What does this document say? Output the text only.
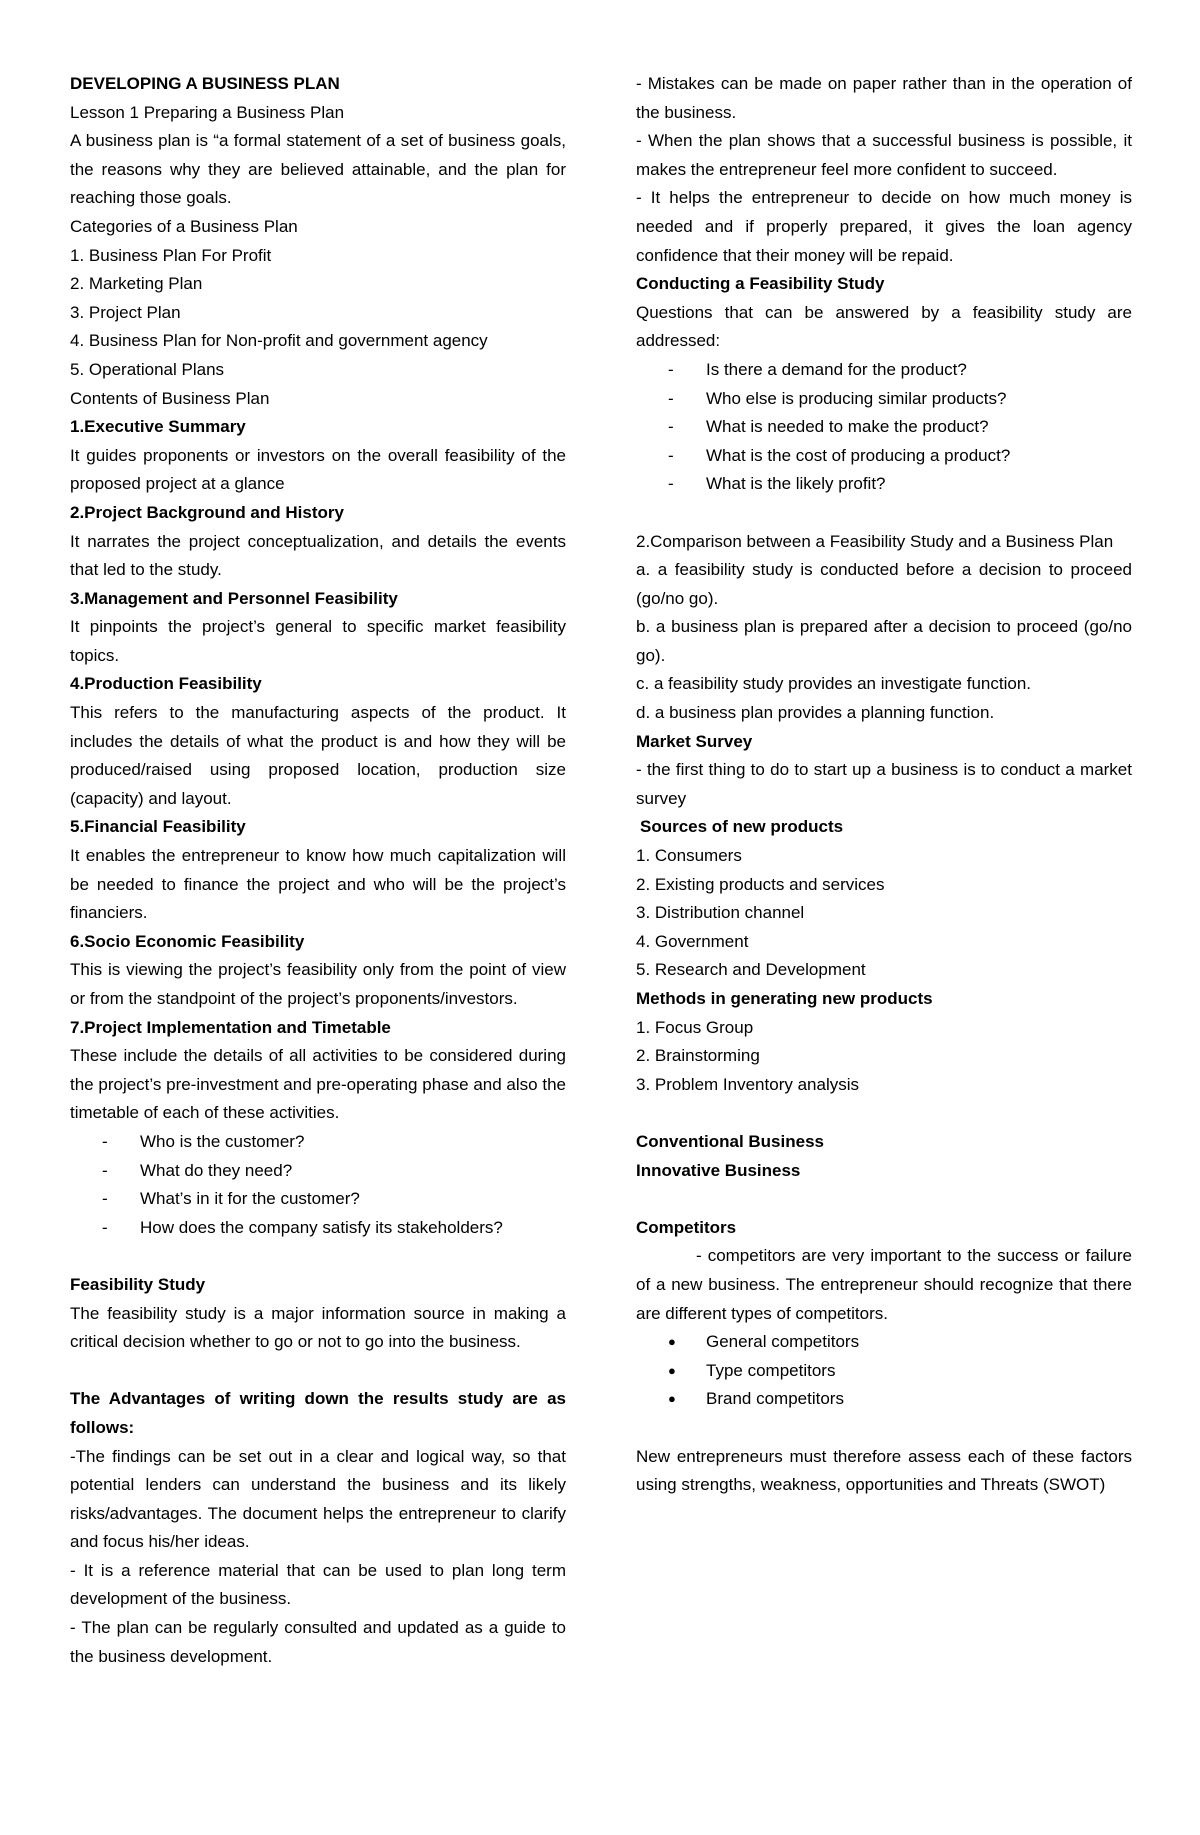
DEVELOPING A BUSINESS PLAN

Lesson 1 Preparing a Business Plan

A business plan is “a formal statement of a set of business goals, the reasons why they are believed attainable, and the plan for reaching those goals.

Categories of a Business Plan

1. Business Plan For Profit

2. Marketing Plan

3. Project Plan

4. Business Plan for Non-profit and government agency

5. Operational Plans

Contents of Business Plan

1.Executive Summary

It guides proponents or investors on the overall feasibility of the proposed project at a glance

2.Project Background and History

It narrates the project conceptualization, and details the events that led to the study.

3.Management and Personnel Feasibility

It pinpoints the project’s general to specific market feasibility topics.

4.Production Feasibility

This refers to the manufacturing aspects of the product. It includes the details of what the product is and how they will be produced/raised using proposed location, production size (capacity) and layout.

5.Financial Feasibility

It enables the entrepreneur to know how much capitalization will be needed to finance the project and who will be the project’s financiers.

6.Socio Economic Feasibility

This is viewing the project’s feasibility only from the point of view or from the standpoint of the project’s proponents/investors.

7.Project Implementation and Timetable

These include the details of all activities to be considered during the project’s pre-investment and pre-operating phase and also the timetable of each of these activities.

- Who is the customer?
- What do they need?
- What’s in it for the customer?
- How does the company satisfy its stakeholders?

Feasibility Study

The feasibility study is a major information source in making a critical decision whether to go or not to go into the business.

The Advantages of writing down the results study are as follows:

-The findings can be set out in a clear and logical way, so that potential lenders can understand the business and its likely risks/advantages. The document helps the entrepreneur to clarify and focus his/her ideas.

- It is a reference material that can be used to plan long term development of the business.

- The plan can be regularly consulted and updated as a guide to the business development.

- Mistakes can be made on paper rather than in the operation of the business.

- When the plan shows that a successful business is possible, it makes the entrepreneur feel more confident to succeed.

- It helps the entrepreneur to decide on how much money is needed and if properly prepared, it gives the loan agency confidence that their money will be repaid.

Conducting a Feasibility Study

Questions that can be answered by a feasibility study are addressed:

- Is there a demand for the product?
- Who else is producing similar products?
- What is needed to make the product?
- What is the cost of producing a product?
- What is the likely profit?

2.Comparison between a Feasibility Study and a Business Plan

a. a feasibility study is conducted before a decision to proceed (go/no go).

b. a business plan is prepared after a decision to proceed (go/no go).

c. a feasibility study provides an investigate function.

d. a business plan provides a planning function.

Market Survey

- the first thing to do to start up a business is to conduct a market survey

Sources of new products

1. Consumers

2. Existing products and services

3. Distribution channel

4. Government

5. Research and Development

Methods in generating new products

1. Focus Group

2. Brainstorming

3. Problem Inventory analysis

Conventional Business

Innovative Business

Competitors

- competitors are very important to the success or failure of a new business. The entrepreneur should recognize that there are different types of competitors.

● General competitors
● Type competitors
● Brand competitors

New entrepreneurs must therefore assess each of these factors using strengths, weakness, opportunities and Threats (SWOT)
